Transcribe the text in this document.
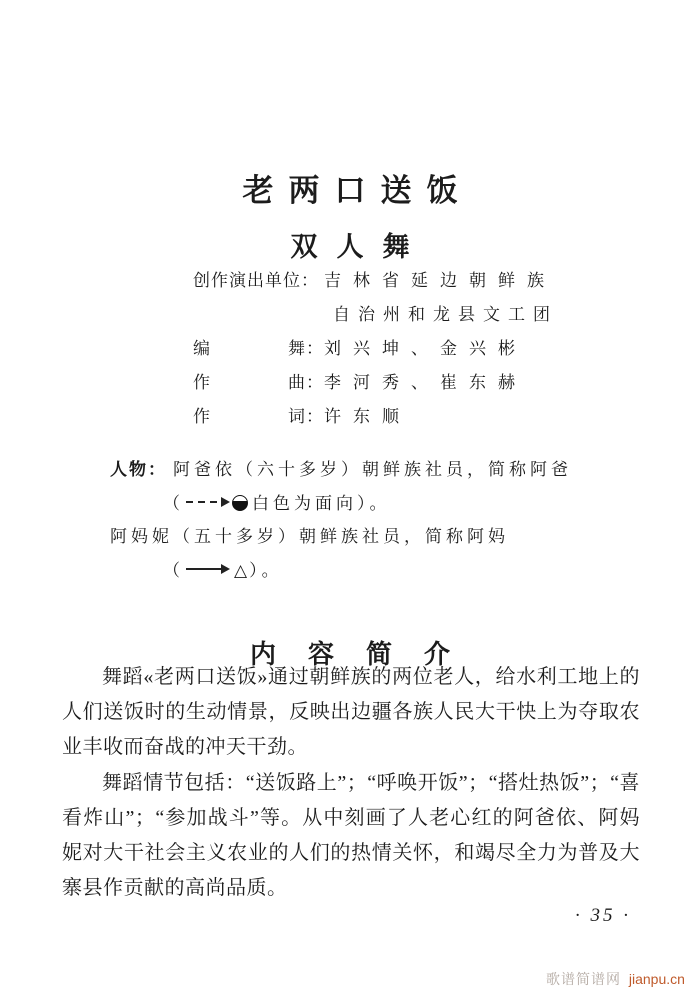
老两口送饭
双人舞
创作演出单位： 吉林省延边朝鲜族
自治州和龙县文工团
编	舞： 刘兴坤、金兴彬
作	曲： 李河秀、崔东赫
作	词： 许东顺
人物： 阿爸依（六十多岁）朝鲜族社员，简称阿爸
（	白色为面向）。
阿妈妮（五十多岁）朝鲜族社员，简称阿妈
（	△ ）。
内容简介

舞蹈«老两口送饭»通过朝鲜族的两位老人，给水利工地上的人们送饭时的生动情景，反映出边疆各族人民大干快上为夺取农业丰收而奋战的冲天干劲。

舞蹈情节包括：“送饭路上”；“呼唤开饭”；“搭灶热饭”；“喜看炸山”；“参加战斗”等。从中刻画了人老心红的阿爸依、阿妈妮对大干社会主义农业的人们的热情关怀，和竭尽全力为普及大寨县作贡献的高尚品质。

· 35 ·
歌谱简谱网 jianpu.cn
